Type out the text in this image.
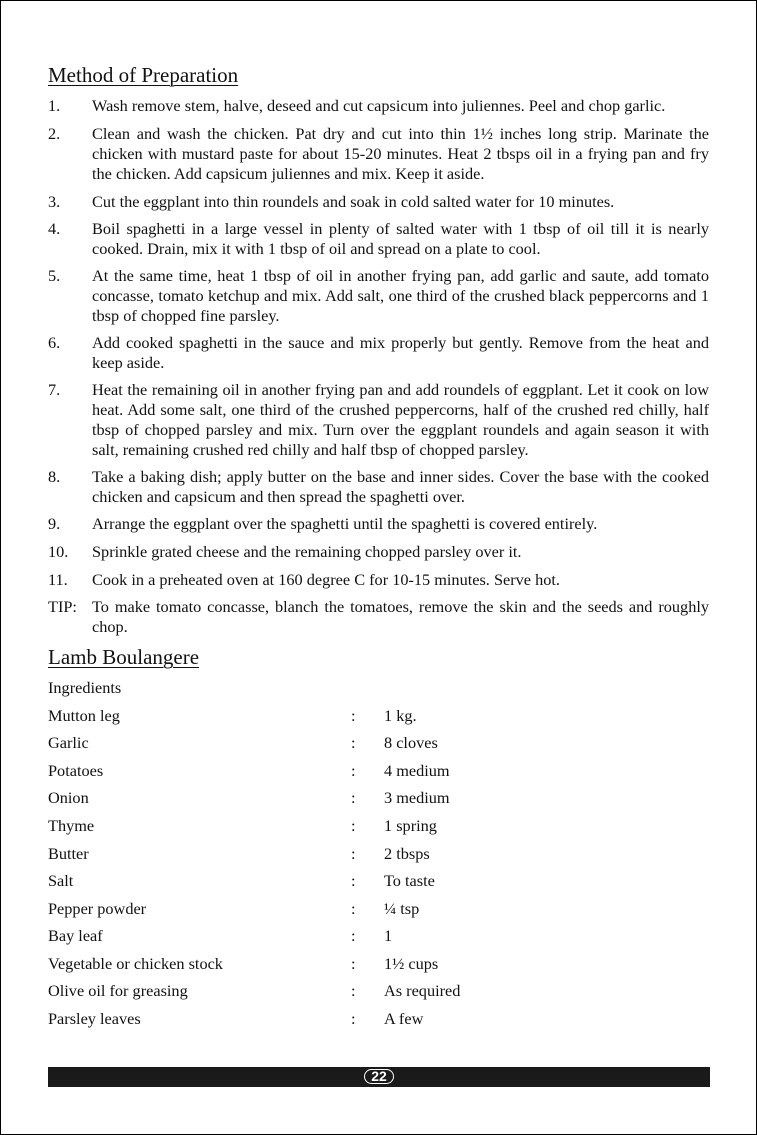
Method of Preparation
1. Wash remove stem, halve, deseed and cut capsicum into juliennes. Peel and chop garlic.
2. Clean and wash the chicken. Pat dry and cut into thin 1½ inches long strip. Marinate the chicken with mustard paste for about 15-20 minutes. Heat 2 tbsps oil in a frying pan and fry the chicken. Add capsicum juliennes and mix. Keep it aside.
3. Cut the eggplant into thin roundels and soak in cold salted water for 10 minutes.
4. Boil spaghetti in a large vessel in plenty of salted water with 1 tbsp of oil till it is nearly cooked. Drain, mix it with 1 tbsp of oil and spread on a plate to cool.
5. At the same time, heat 1 tbsp of oil in another frying pan, add garlic and saute, add tomato concasse, tomato ketchup and mix. Add salt, one third of the crushed black peppercorns and 1 tbsp of chopped fine parsley.
6. Add cooked spaghetti in the sauce and mix properly but gently. Remove from the heat and keep aside.
7. Heat the remaining oil in another frying pan and add roundels of eggplant. Let it cook on low heat. Add some salt, one third of the crushed peppercorns, half of the crushed red chilly, half tbsp of chopped parsley and mix. Turn over the eggplant roundels and again season it with salt, remaining crushed red chilly and half tbsp of chopped parsley.
8. Take a baking dish; apply butter on the base and inner sides. Cover the base with the cooked chicken and capsicum and then spread the spaghetti over.
9. Arrange the eggplant over the spaghetti until the spaghetti is covered entirely.
10. Sprinkle grated cheese and the remaining chopped parsley over it.
11. Cook in a preheated oven at 160 degree C for 10-15 minutes. Serve hot.
TIP: To make tomato concasse, blanch the tomatoes, remove the skin and the seeds and roughly chop.
Lamb Boulangere
Ingredients
Mutton leg	: 1 kg.
Garlic	: 8 cloves
Potatoes	: 4 medium
Onion	: 3 medium
Thyme	: 1 spring
Butter	: 2 tbsps
Salt	: To taste
Pepper powder	: ¼ tsp
Bay leaf	: 1
Vegetable or chicken stock	: 1½ cups
Olive oil for greasing	: As required
Parsley leaves	: A few
22
